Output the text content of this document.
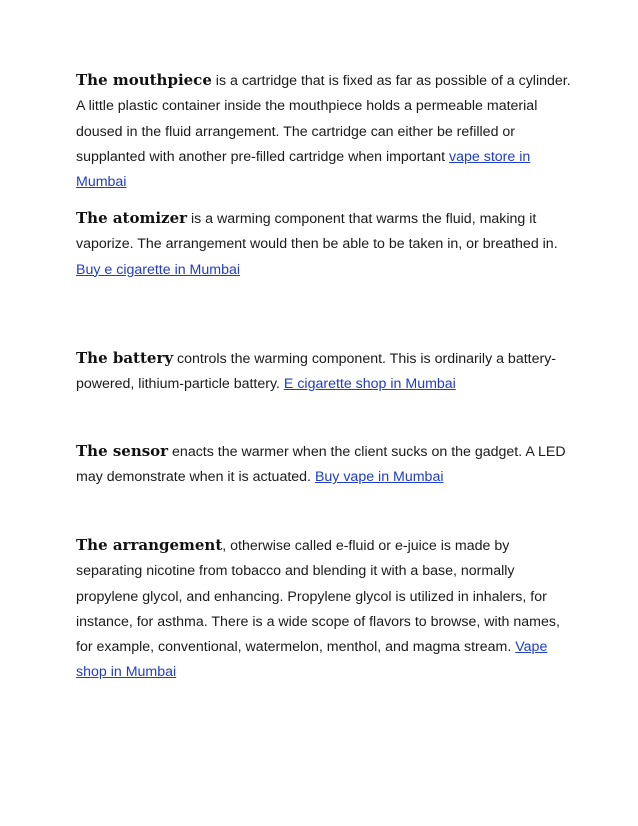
The mouthpiece is a cartridge that is fixed as far as possible of a cylinder. A little plastic container inside the mouthpiece holds a permeable material doused in the fluid arrangement. The cartridge can either be refilled or supplanted with another pre-filled cartridge when important vape store in Mumbai

The atomizer is a warming component that warms the fluid, making it vaporize. The arrangement would then be able to be taken in, or breathed in. Buy e cigarette in Mumbai

The battery controls the warming component. This is ordinarily a battery-powered, lithium-particle battery. E cigarette shop in Mumbai

The sensor enacts the warmer when the client sucks on the gadget. A LED may demonstrate when it is actuated. Buy vape in Mumbai

The arrangement, otherwise called e-fluid or e-juice is made by separating nicotine from tobacco and blending it with a base, normally propylene glycol, and enhancing. Propylene glycol is utilized in inhalers, for instance, for asthma. There is a wide scope of flavors to browse, with names, for example, conventional, watermelon, menthol, and magma stream. Vape shop in Mumbai
